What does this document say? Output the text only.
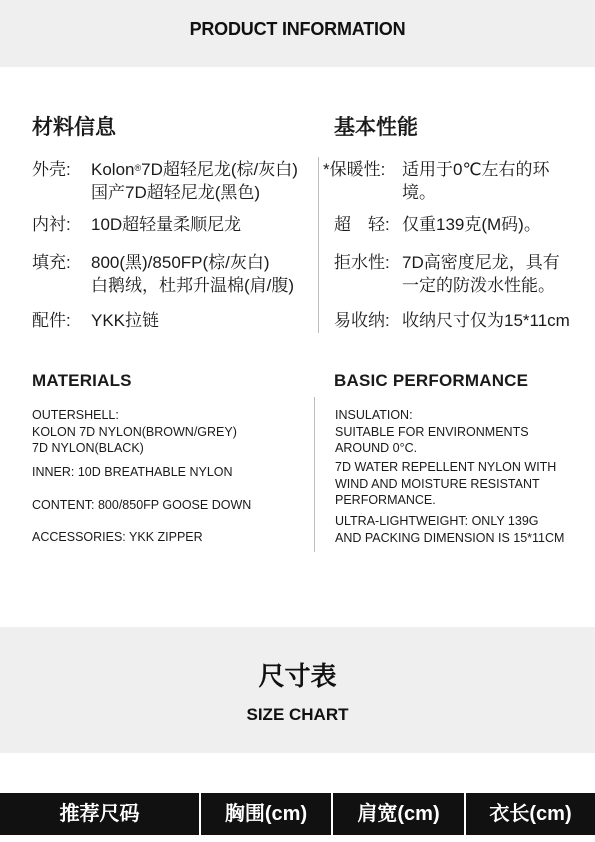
PRODUCT INFORMATION
材料信息	基本性能
外壳: Kolon®7D超轻尼龙(棕/灰白)
国产7D超轻尼龙(黑色)
内衬: 10D超轻量柔顺尼龙
填充: 800(黑)/850FP(棕/灰白)
白鹅绒，杜邦升温棉(肩/腹)
配件: YKK拉链
*保暖性: 适用于0℃左右的环
境。
超　轻: 仅重139克(M码)。
拒水性: 7D高密度尼龙，具有
一定的防泼水性能。
易收纳: 收纳尺寸仅为15*11cm
MATERIALS	BASIC PERFORMANCE
OUTERSHELL:
KOLON 7D NYLON(BROWN/GREY)
7D NYLON(BLACK)
INNER: 10D BREATHABLE NYLON
CONTENT: 800/850FP GOOSE DOWN
ACCESSORIES: YKK ZIPPER
INSULATION:
SUITABLE FOR ENVIRONMENTS
AROUND 0°C.
7D WATER REPELLENT NYLON WITH
WIND AND MOISTURE RESISTANT
PERFORMANCE.
ULTRA-LIGHTWEIGHT: ONLY 139G
AND PACKING DIMENSION IS 15*11CM
尺寸表
SIZE CHART
推荐尺码	胸围(cm)	肩宽(cm)	衣长(cm)
